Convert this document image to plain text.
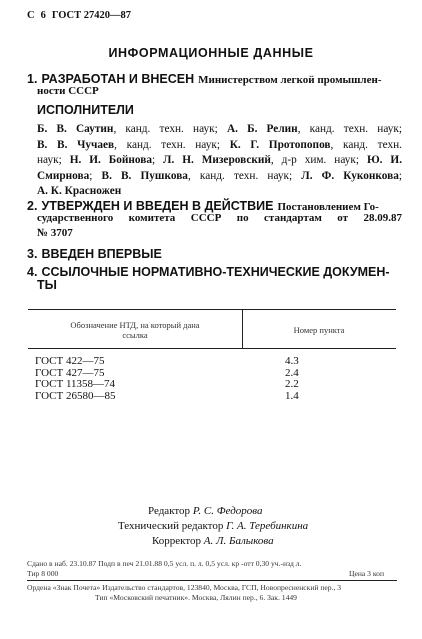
С 6 ГОСТ 27420—87
ИНФОРМАЦИОННЫЕ ДАННЫЕ
1. РАЗРАБОТАН И ВНЕСЕН Министерством легкой промышлен-
ности СССР
ИСПОЛНИТЕЛИ
Б. В. Саутин, канд. техн. наук; А. Б. Релин, канд. техн. наук;
В. В. Чучаев, канд. техн. наук; К. Г. Протопопов, канд. техн.
наук; Н. И. Бойнова; Л. Н. Мизеровский, д-р хим. наук; Ю. И.
Смирнова; В. В. Пушкова, канд. техн. наук; Л. Ф. Куконкова;
А. К. Красножен
2. УТВЕРЖДЕН И ВВЕДЕН В ДЕЙСТВИЕ Постановлением Го-
сударственного комитета СССР по стандартам от 28.09.87
№ 3707
3. ВВЕДЕН ВПЕРВЫЕ
4. ССЫЛОЧНЫЕ НОРМАТИВНО-ТЕХНИЧЕСКИЕ ДОКУМЕН-
ТЫ
Обозначение НТД, на который дана
ссылка	Номер пункта
ГОСТ 422—75	4.3
ГОСТ 427—75	2.4
ГОСТ 11358—74	2.2
ГОСТ 26580—85	1.4
Редактор Р. С. Федорова
Технический редактор Г. А. Теребинкина
Корректор А. Л. Балыкова
Сдано в наб. 23.10.87 Подп в печ 21.01.88 0,5 усл. п. л. 0,5 усл. кр -отт 0,30 уч.-изд л.
Тир 8 000	Цена 3 коп
Ордена «Знак Почета» Издательство стандартов, 123840, Москва, ГСП, Новопресненский пер., 3
Тип «Московский печатник». Москва, Лялин пер., 6. Зак. 1449
